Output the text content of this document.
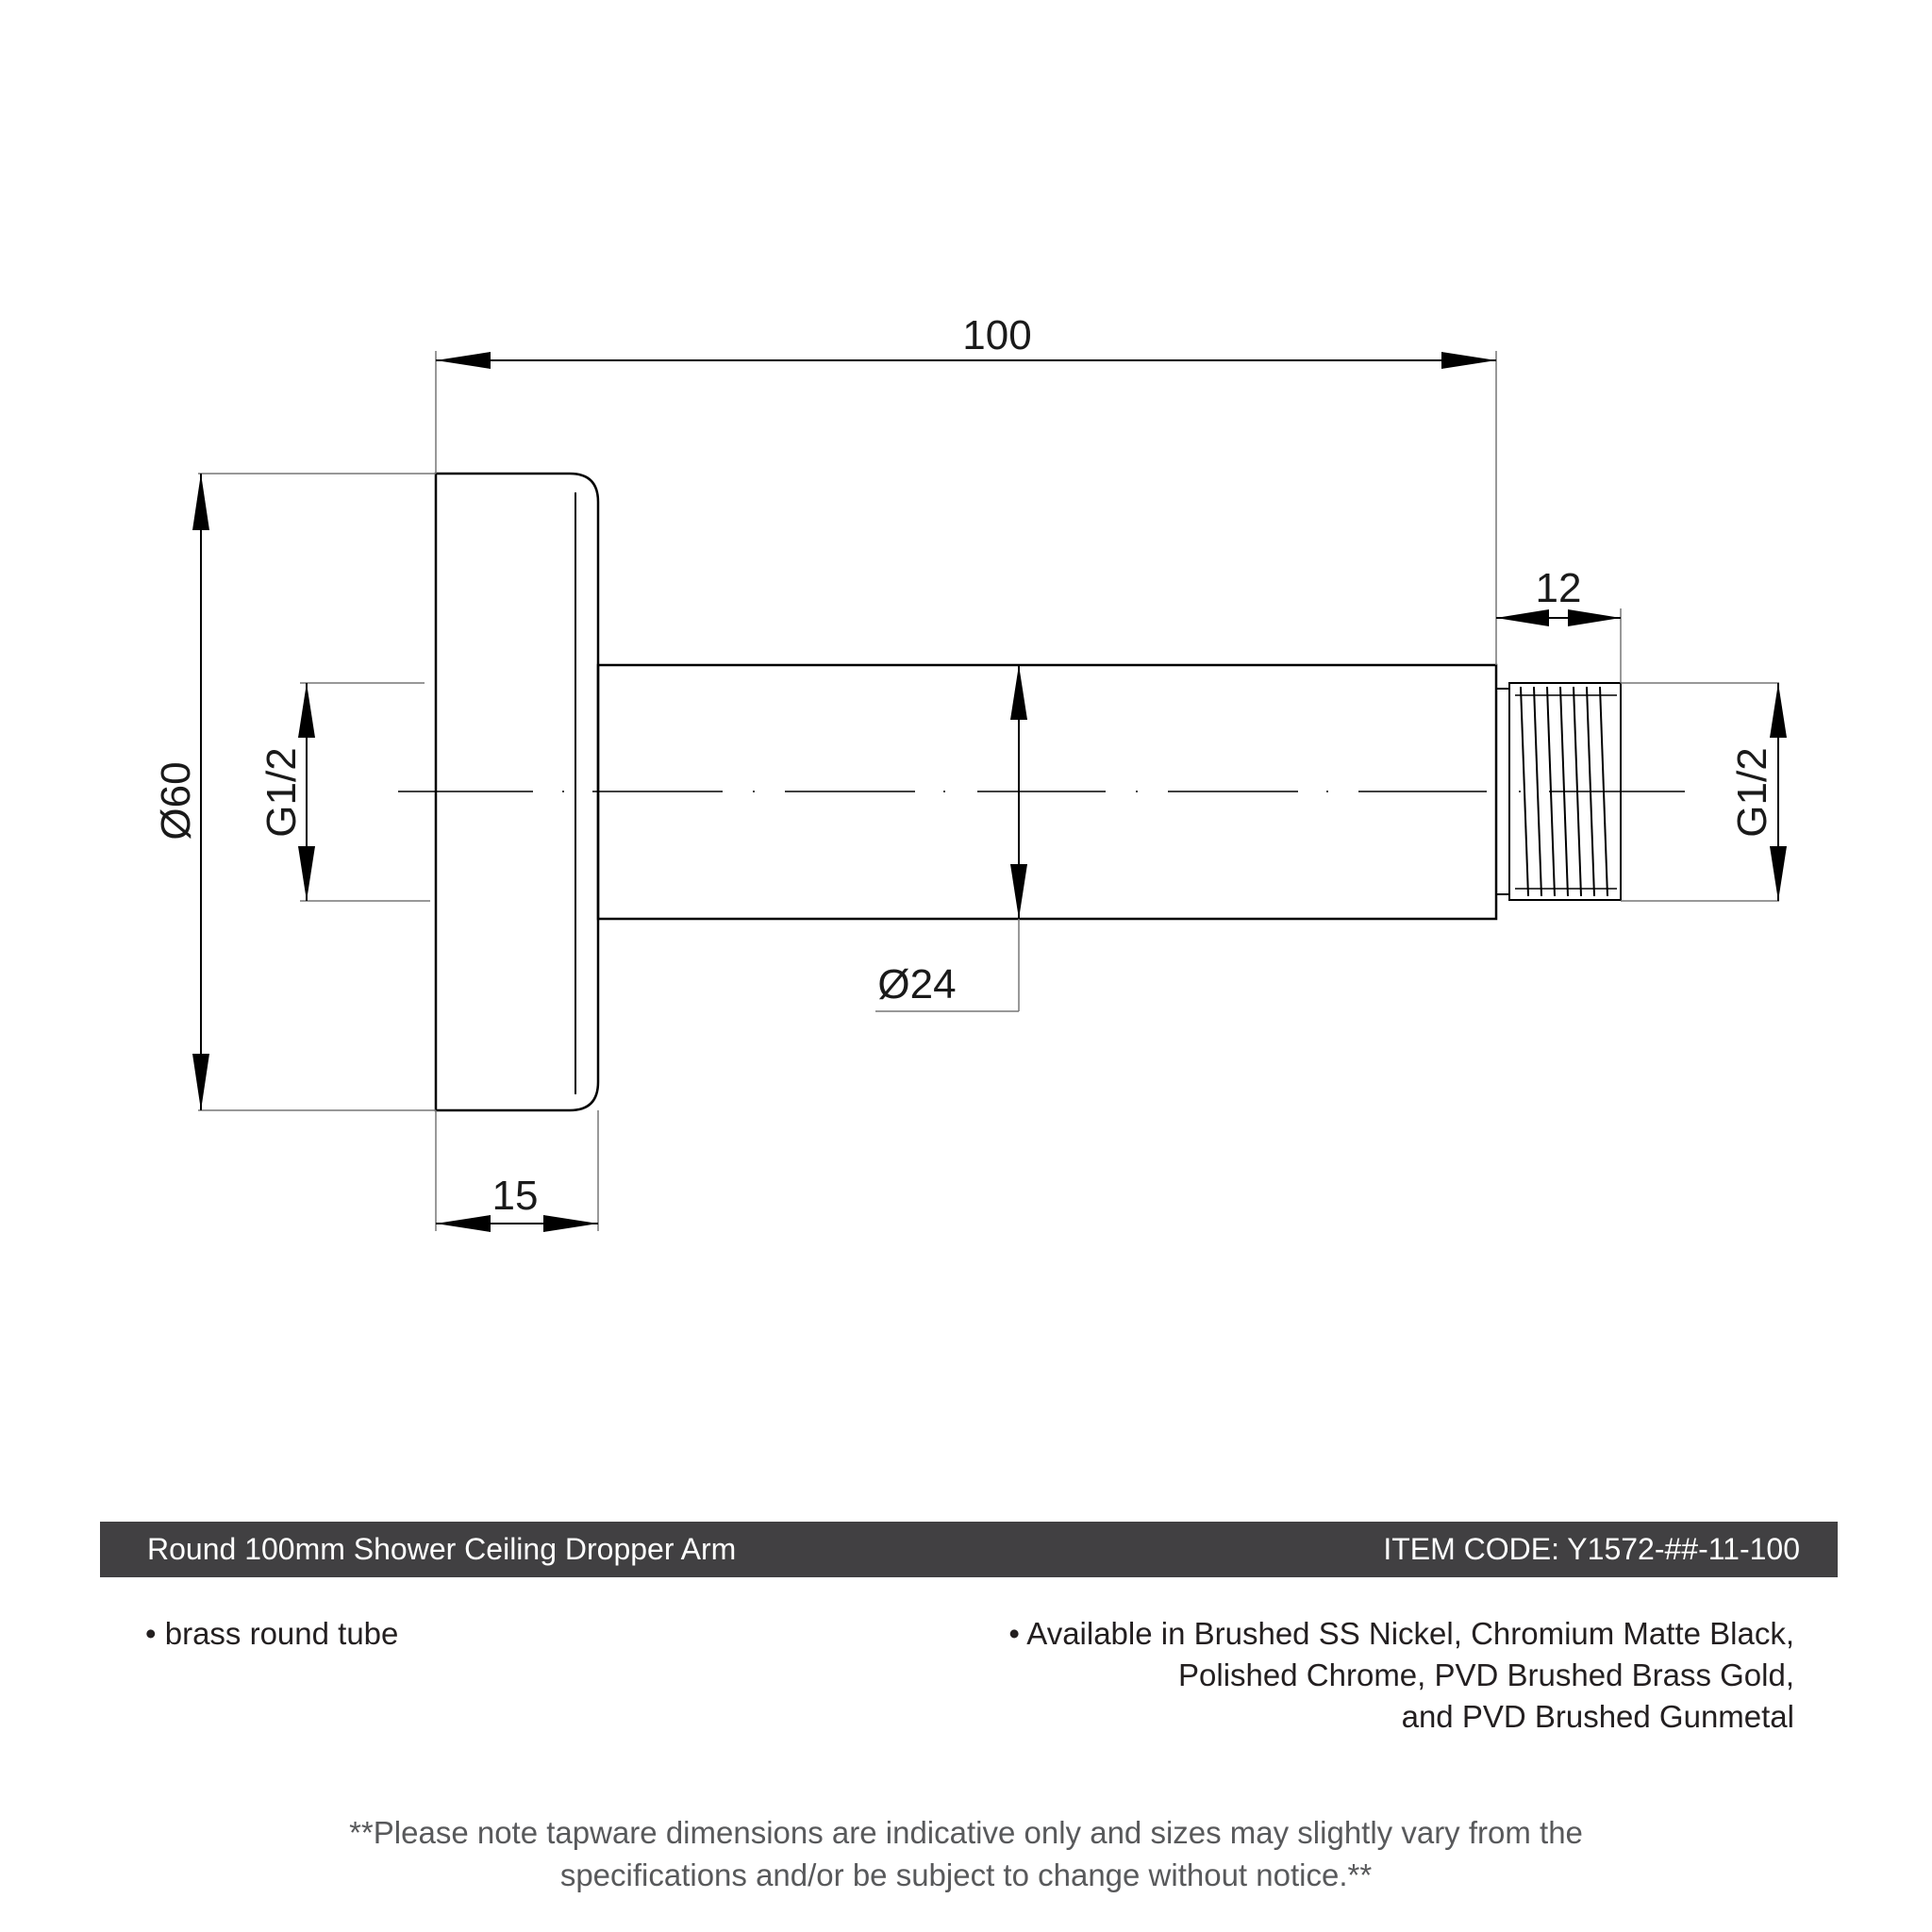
100
Ø60 G1/2
Ø24
12
G1/2
15
Round 100mm Shower Ceiling Dropper Arm	ITEM CODE: Y1572-##-11-100
• brass round tube	• Available in Brushed SS Nickel, Chromium Matte Black,
Polished Chrome, PVD Brushed Brass Gold,
and PVD Brushed Gunmetal
**Please note tapware dimensions are indicative only and sizes may slightly vary from the
specifications and/or be subject to change without notice.**
